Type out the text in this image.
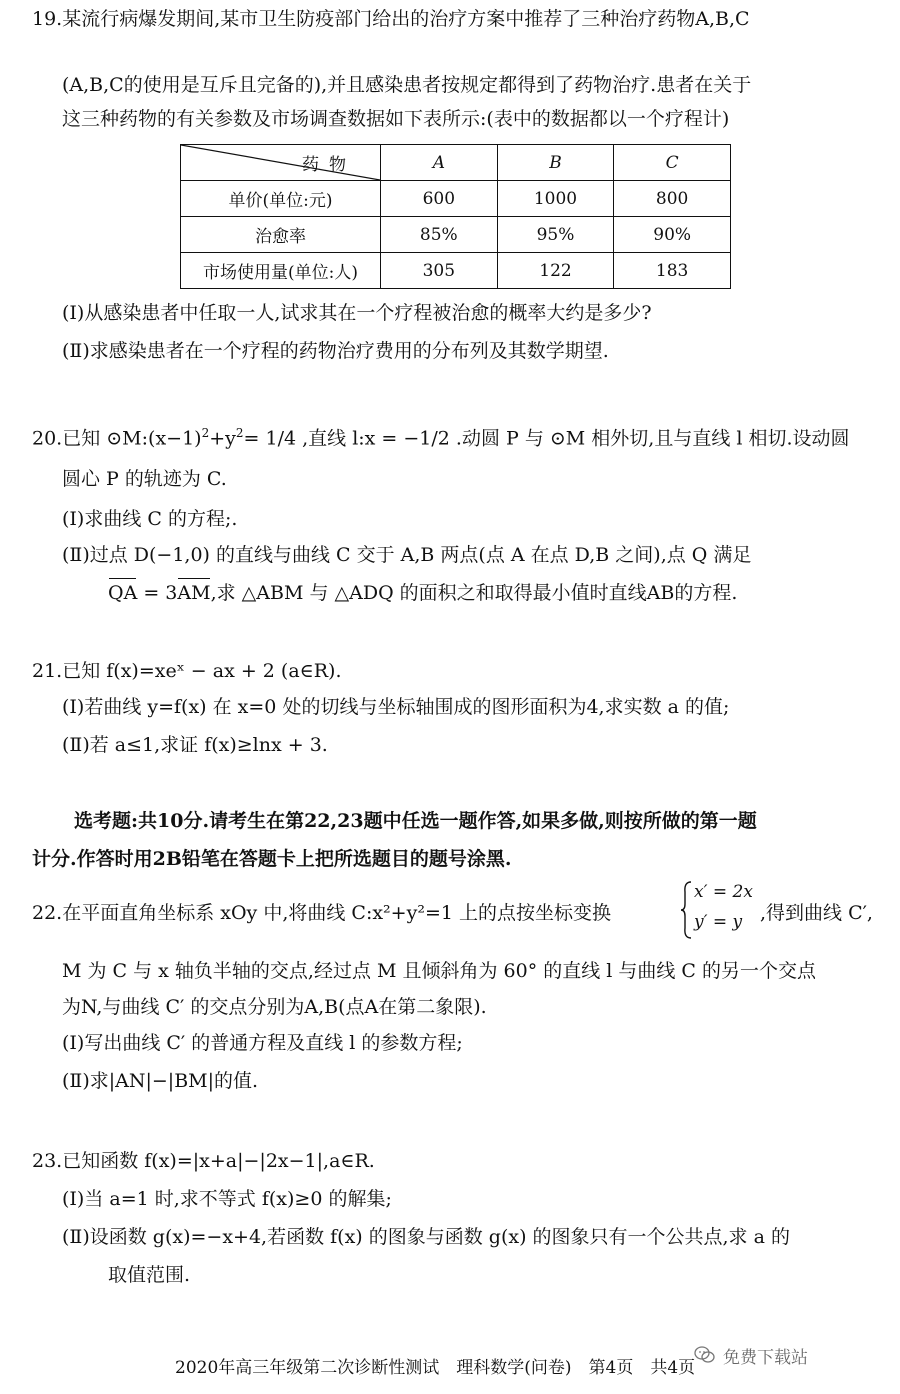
19.某流行病爆发期间,某市卫生防疫部门给出的治疗方案中推荐了三种治疗药物A,B,C
(A,B,C的使用是互斥且完备的),并且感染患者按规定都得到了药物治疗.患者在关于
这三种药物的有关参数及市场调查数据如下表所示:(表中的数据都以一个疗程计)
药物	A	B	C
单价(单位:元)	600	1000	800
治愈率	85%	95%	90%
市场使用量(单位:人)	305	122	183
(Ⅰ)从感染患者中任取一人,试求其在一个疗程被治愈的概率大约是多少?
(Ⅱ)求感染患者在一个疗程的药物治疗费用的分布列及其数学期望.
20.已知 $⊙M:(x-1)^2+y^2= 1/4$ ,直线 l:x = −1/2 .动圆 P 与 ⊙M 相外切,且与直线 l 相切.设动圆
圆心 P 的轨迹为 C.
(Ⅰ)求曲线 C 的方程;.
(Ⅱ)过点 D(−1,0) 的直线与曲线 C 交于 A,B 两点(点 A 在点 D,B 之间),点 Q 满足
QA = 3AM,求 △ABM 与 △ADQ 的面积之和取得最小值时直线AB的方程.
21.已知 f(x)=xeˣ − ax + 2 (a∈R).
(Ⅰ)若曲线 y=f(x) 在 x=0 处的切线与坐标轴围成的图形面积为4,求实数 a 的值;
(Ⅱ)若 a≤1,求证 f(x)≥lnx + 3.
选考题:共10分.请考生在第22,23题中任选一题作答,如果多做,则按所做的第一题
计分.作答时用2B铅笔在答题卡上把所选题目的题号涂黑.
22.在平面直角坐标系 xOy 中,将曲线 C:x²+y²=1 上的点按坐标变换
x′ = 2x
y′ = y ,得到曲线 C′,
M 为 C 与 x 轴负半轴的交点,经过点 M 且倾斜角为 60° 的直线 l 与曲线 C 的另一个交点
为N,与曲线 C′ 的交点分别为A,B(点A在第二象限).
(Ⅰ)写出曲线 C′ 的普通方程及直线 l 的参数方程;
(Ⅱ)求|AN|−|BM|的值.
23.已知函数 f(x)=|x+a|−|2x−1|,a∈R.
(Ⅰ)当 a=1 时,求不等式 f(x)≥0 的解集;
(Ⅱ)设函数 g(x)=−x+4,若函数 f(x) 的图象与函数 g(x) 的图象只有一个公共点,求 a 的
取值范围.
2020年高三年级第二次诊断性测试　理科数学(问卷)　第4页　共4页 免费下载站
